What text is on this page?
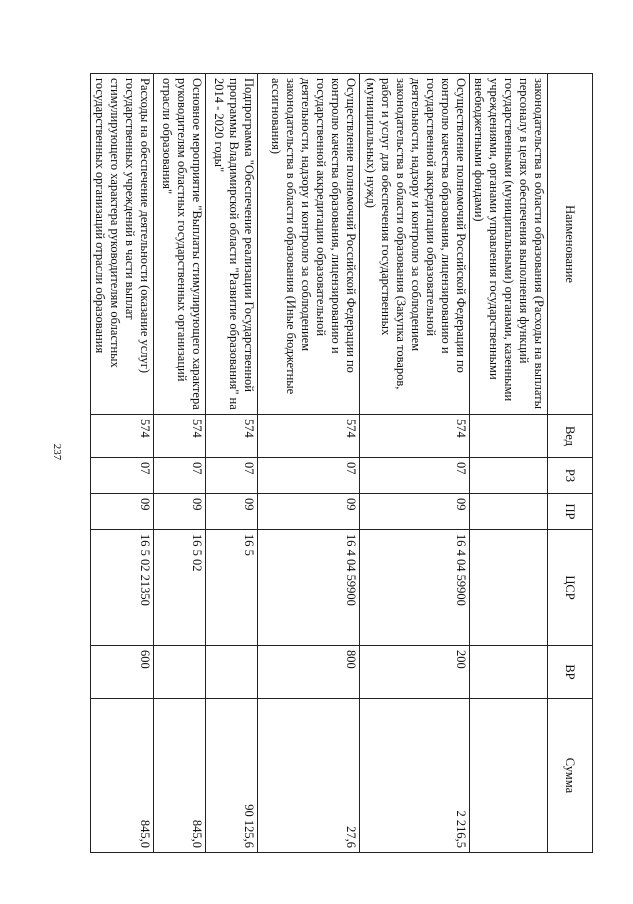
237
Наименование	Вед	РЗ	ПР	ЦСР	ВР	Сумма
законодательства в области образования (Расходы на выплаты персоналу в целях обеспечения выполнения функций государственными (муниципальными) органами, казенными учреждениями, органами управления государственными внебюджетными фондами)						
Осуществление полномочий Российской Федерации по контролю качества образования, лицензированию и государственной аккредитации образовательной деятельности, надзору и контролю за соблюдением законодательства в области образования (Закупка товаров, работ и услуг для обеспечения государственных (муниципальных) нужд)	574	07	09	16 4 04 59900	200	2 216,5
Осуществление полномочий Российской Федерации по контролю качества образования, лицензированию и государственной аккредитации образовательной деятельности, надзору и контролю за соблюдением законодательства в области образования (Иные бюджетные ассигнования)	574	07	09	16 4 04 59900	800	27,6
Подпрограмма "Обеспечение реализации Государственной программы Владимирской области "Развитие образования" на 2014 - 2020 годы"	574	07	09	16 5		90 125,6
Основное мероприятие "Выплаты стимулирующего характера руководителям областных государственных организаций отрасли образования"	574	07	09	16 5 02		845,0
Расходы на обеспечение деятельности (оказание услуг) государственных учреждений в части выплат стимулирующего характера руководителям областных государственных организаций отрасли образования	574	07	09	16 5 02 21350	600	845,0
